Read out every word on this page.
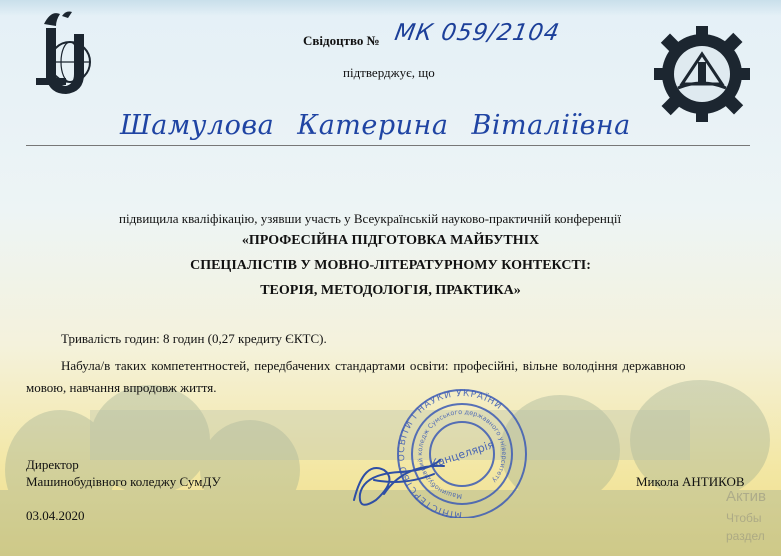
Свідоцтво № МК 059/2104
підтверджує, що
Шамулова Катерина Віталіївна
підвищила кваліфікацію, узявши участь у Всеукраїнській науково-практичній конференції
«ПРОФЕСІЙНА ПІДГОТОВКА МАЙБУТНІХ
СПЕЦІАЛІСТІВ У МОВНО-ЛІТЕРАТУРНОМУ КОНТЕКСТІ:
ТЕОРІЯ, МЕТОДОЛОГІЯ, ПРАКТИКА»
Тривалість годин: 8 годин (0,27 кредиту ЄКТС).
Набула/в таких компетентностей, передбачених стандартами освіти: професійні, вільне володіння державною
мовою, навчання впродовж життя.
МІНІСТЕРСТВО ОСВІТИ І НАУКИ УКРАЇНИ
Машинобудівний коледж Сумського державного університету
Канцелярія
Директор
Машинобудівного коледжу СумДУ	Микола АНТИКОВ
03.04.2020
Актив
Чтобы
раздел
